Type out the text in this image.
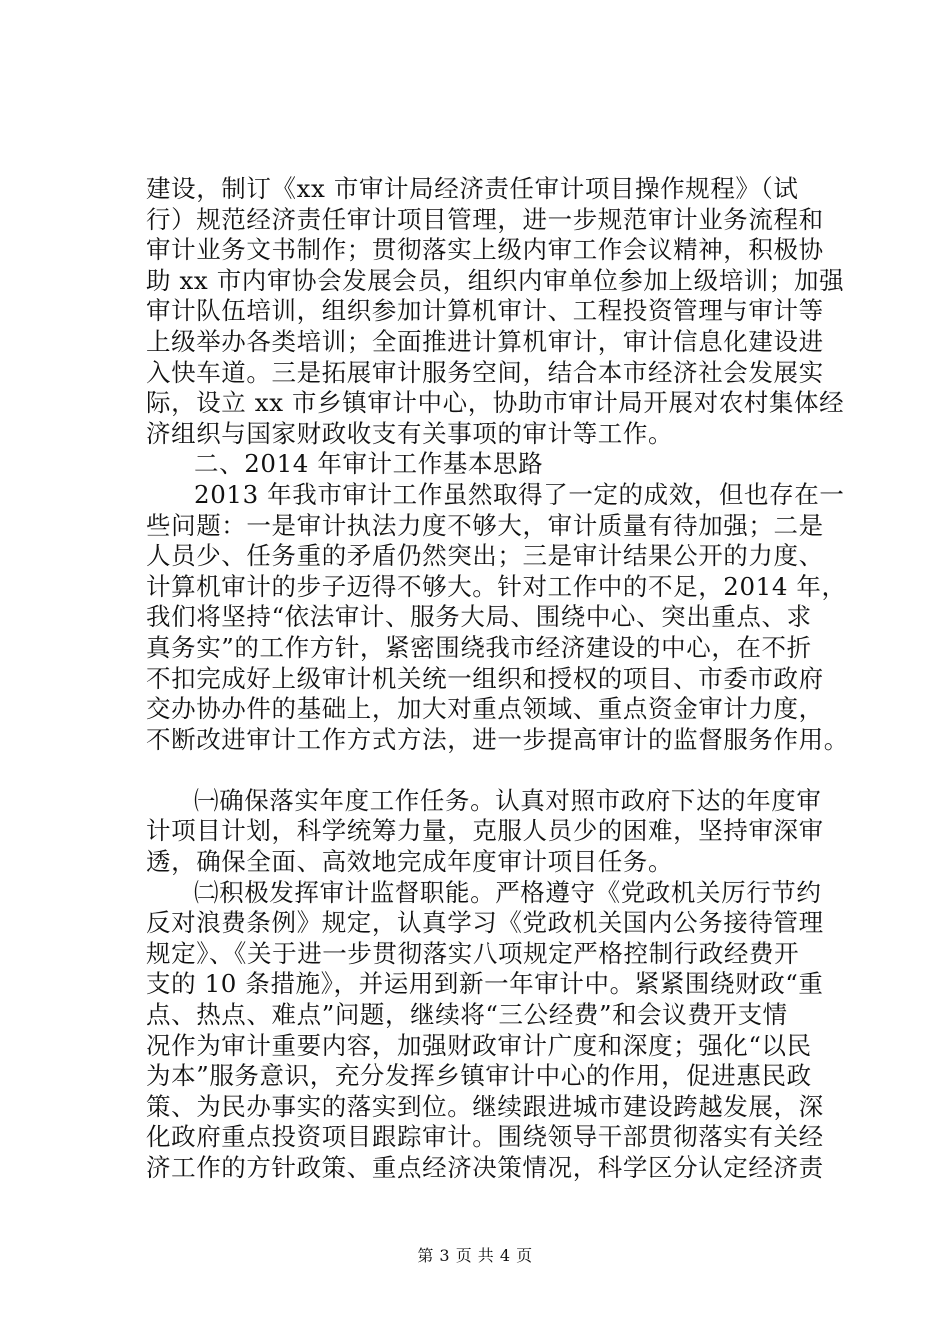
建设，制订《xx 市审计局经济责任审计项目操作规程》（试
行）规范经济责任审计项目管理，进一步规范审计业务流程和
审计业务文书制作；贯彻落实上级内审工作会议精神，积极协
助 xx 市内审协会发展会员，组织内审单位参加上级培训；加强
审计队伍培训，组织参加计算机审计、工程投资管理与审计等
上级举办各类培训；全面推进计算机审计，审计信息化建设进
入快车道。三是拓展审计服务空间，结合本市经济社会发展实
际，设立 xx 市乡镇审计中心，协助市审计局开展对农村集体经
济组织与国家财政收支有关事项的审计等工作。
二、2014 年审计工作基本思路
2013 年我市审计工作虽然取得了一定的成效，但也存在一
些问题：一是审计执法力度不够大，审计质量有待加强；二是
人员少、任务重的矛盾仍然突出；三是审计结果公开的力度、
计算机审计的步子迈得不够大。针对工作中的不足，2014 年，
我们将坚持“依法审计、服务大局、围绕中心、突出重点、求
真务实”的工作方针，紧密围绕我市经济建设的中心，在不折
不扣完成好上级审计机关统一组织和授权的项目、市委市政府
交办协办件的基础上，加大对重点领域、重点资金审计力度，
不断改进审计工作方式方法，进一步提高审计的监督服务作用。
㈠确保落实年度工作任务。认真对照市政府下达的年度审
计项目计划，科学统筹力量，克服人员少的困难，坚持审深审
透，确保全面、高效地完成年度审计项目任务。
㈡积极发挥审计监督职能。严格遵守《党政机关厉行节约
反对浪费条例》规定，认真学习《党政机关国内公务接待管理
规定》、《关于进一步贯彻落实八项规定严格控制行政经费开
支的 10 条措施》，并运用到新一年审计中。紧紧围绕财政“重
点、热点、难点”问题，继续将“三公经费”和会议费开支情
况作为审计重要内容，加强财政审计广度和深度；强化“以民
为本”服务意识，充分发挥乡镇审计中心的作用，促进惠民政
策、为民办事实的落实到位。继续跟进城市建设跨越发展，深
化政府重点投资项目跟踪审计。围绕领导干部贯彻落实有关经
济工作的方针政策、重点经济决策情况，科学区分认定经济责
第 3 页 共 4 页
